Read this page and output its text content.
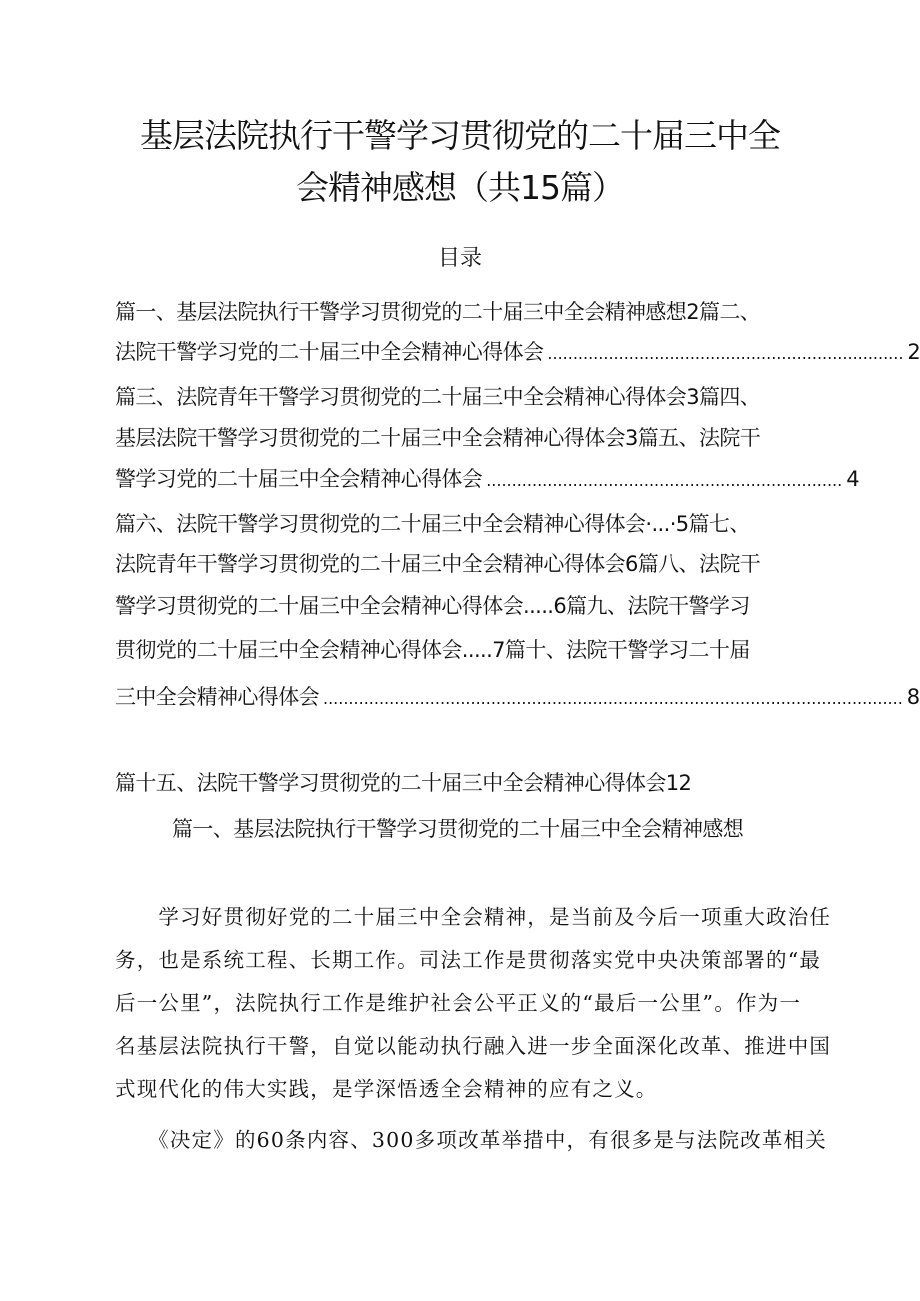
基层法院执行干警学习贯彻党的二十届三中全
会精神感想（共15篇）
目录
篇一、基层法院执行干警学习贯彻党的二十届三中全会精神感想2篇二、
法院干警学习党的二十届三中全会精神心得体会 ...................................................................... 2
篇三、法院青年干警学习贯彻党的二十届三中全会精神心得体会3篇四、
基层法院干警学习贯彻党的二十届三中全会精神心得体会3篇五、法院干
警学习党的二十届三中全会精神心得体会 ...................................................................... 4
篇六、法院干警学习贯彻党的二十届三中全会精神心得体会·...·5篇七、
法院青年干警学习贯彻党的二十届三中全会精神心得体会6篇八、法院干
警学习贯彻党的二十届三中全会精神心得体会.....6篇九、法院干警学习
贯彻党的二十届三中全会精神心得体会.....7篇十、法院干警学习二十届
三中全会精神心得体会 .................................................................................................................. 8
篇十五、法院干警学习贯彻党的二十届三中全会精神心得体会12
篇一、基层法院执行干警学习贯彻党的二十届三中全会精神感想
　　学习好贯彻好党的二十届三中全会精神，是当前及今后一项重大政治任
务，也是系统工程、长期工作。司法工作是贯彻落实党中央决策部署的“最
后一公里”，法院执行工作是维护社会公平正义的“最后一公里”。作为一
名基层法院执行干警，自觉以能动执行融入进一步全面深化改革、推进中国
式现代化的伟大实践，是学深悟透全会精神的应有之义。
　　《决定》的60条内容、300多项改革举措中，有很多是与法院改革相关
